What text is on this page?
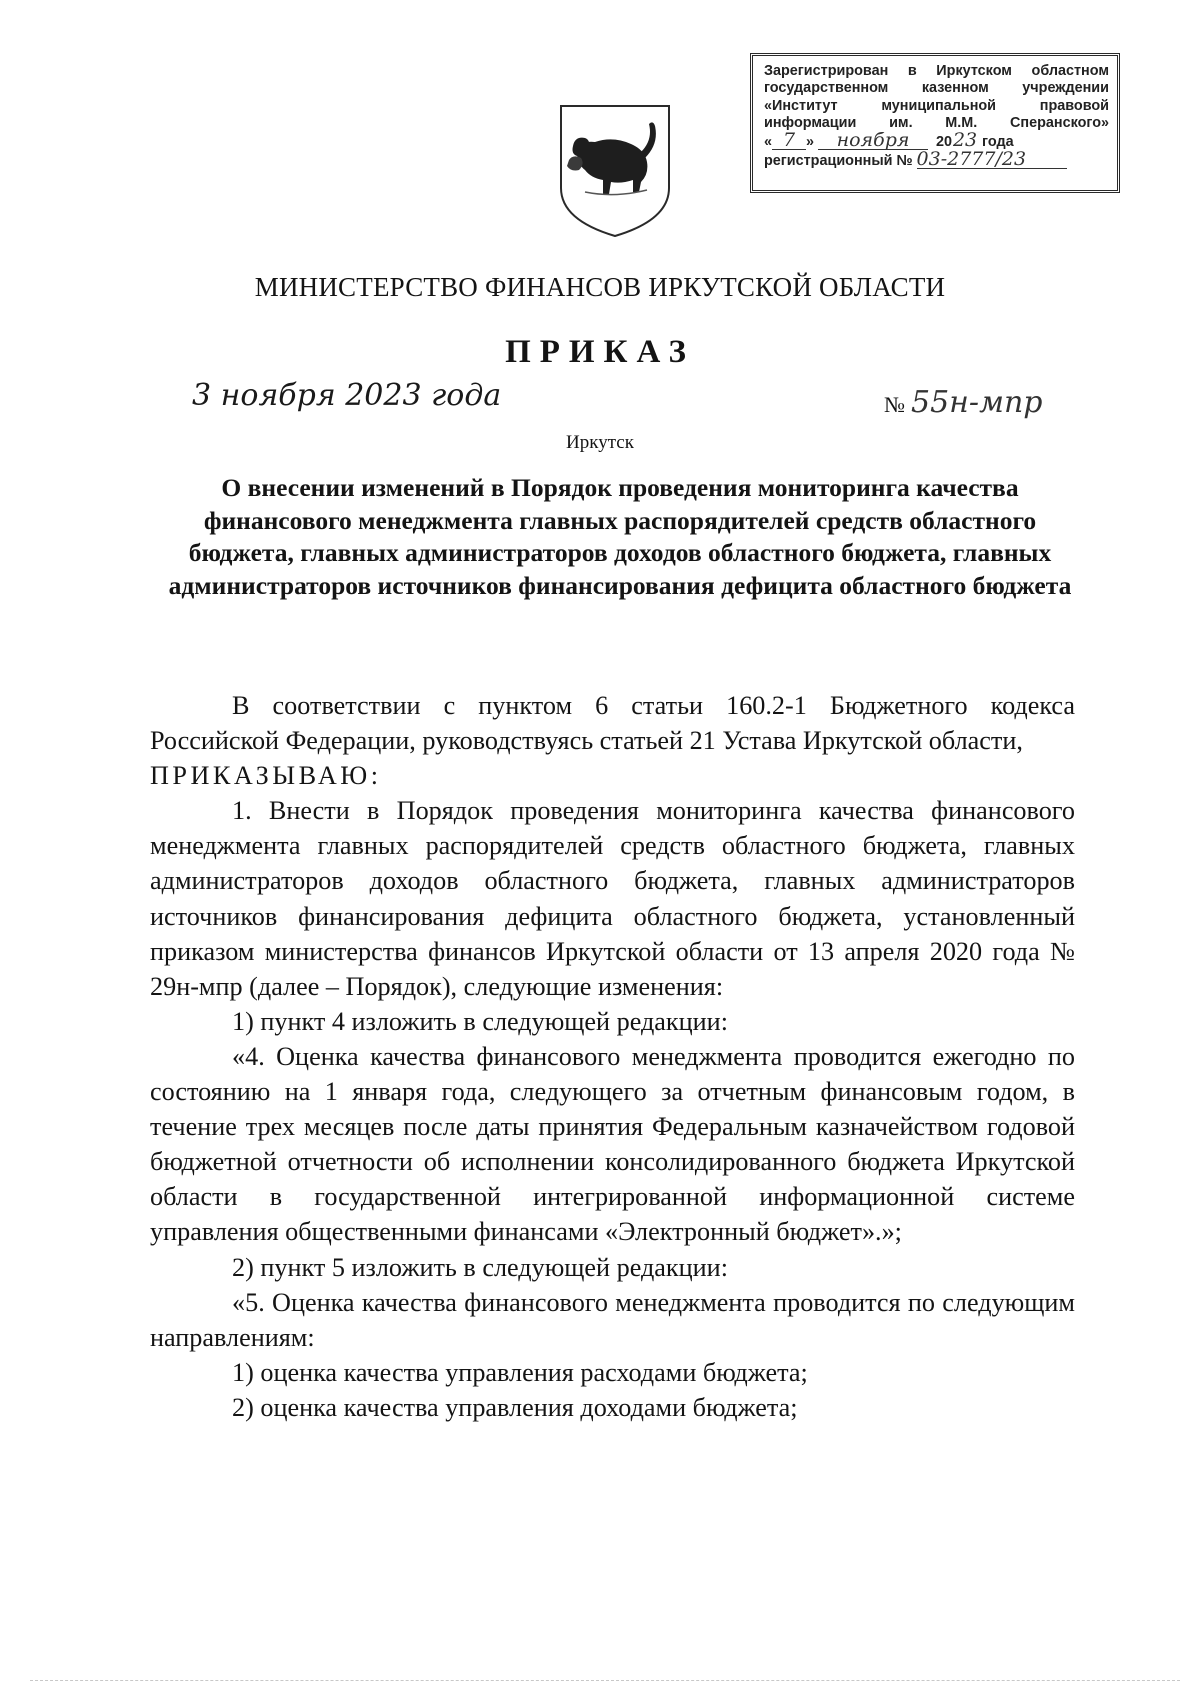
Зарегистрирован в Иркутском областном
государственном казенном учреждении
«Институт муниципальной правовой
информации им. М.М. Сперанского»
« 7 » ноября 2023 года
регистрационный № 03-2777/23
МИНИСТЕРСТВО ФИНАНСОВ ИРКУТСКОЙ ОБЛАСТИ
ПРИКАЗ
3 ноября 2023 года	№ 55н-мпр
Иркутск
О внесении изменений в Порядок проведения мониторинга качества финансового менеджмента главных распорядителей средств областного бюджета, главных администраторов доходов областного бюджета, главных администраторов источников финансирования дефицита областного бюджета

В соответствии с пунктом 6 статьи 160.2-1 Бюджетного кодекса Российской Федерации, руководствуясь статьей 21 Устава Иркутской области,

ПРИКАЗЫВАЮ:

1. Внести в Порядок проведения мониторинга качества финансового менеджмента главных распорядителей средств областного бюджета, главных администраторов доходов областного бюджета, главных администраторов источников финансирования дефицита областного бюджета, установленный приказом министерства финансов Иркутской области от 13 апреля 2020 года № 29н-мпр (далее – Порядок), следующие изменения:

1) пункт 4 изложить в следующей редакции:

«4. Оценка качества финансового менеджмента проводится ежегодно по состоянию на 1 января года, следующего за отчетным финансовым годом, в течение трех месяцев после даты принятия Федеральным казначейством годовой бюджетной отчетности об исполнении консолидированного бюджета Иркутской области в государственной интегрированной информационной системе управления общественными финансами «Электронный бюджет».»;

2) пункт 5 изложить в следующей редакции:

«5. Оценка качества финансового менеджмента проводится по следующим направлениям:

1) оценка качества управления расходами бюджета;

2) оценка качества управления доходами бюджета;
